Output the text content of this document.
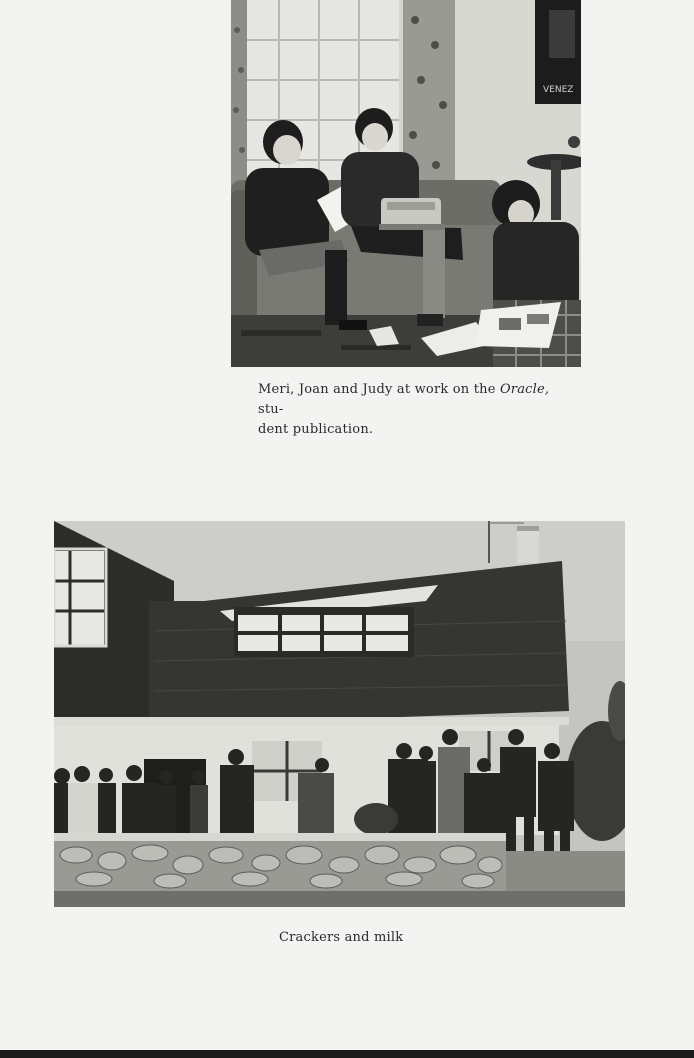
VENEZ
Meri, Joan and Judy at work on the Oracle, stu-
dent publication.
Crackers and milk
